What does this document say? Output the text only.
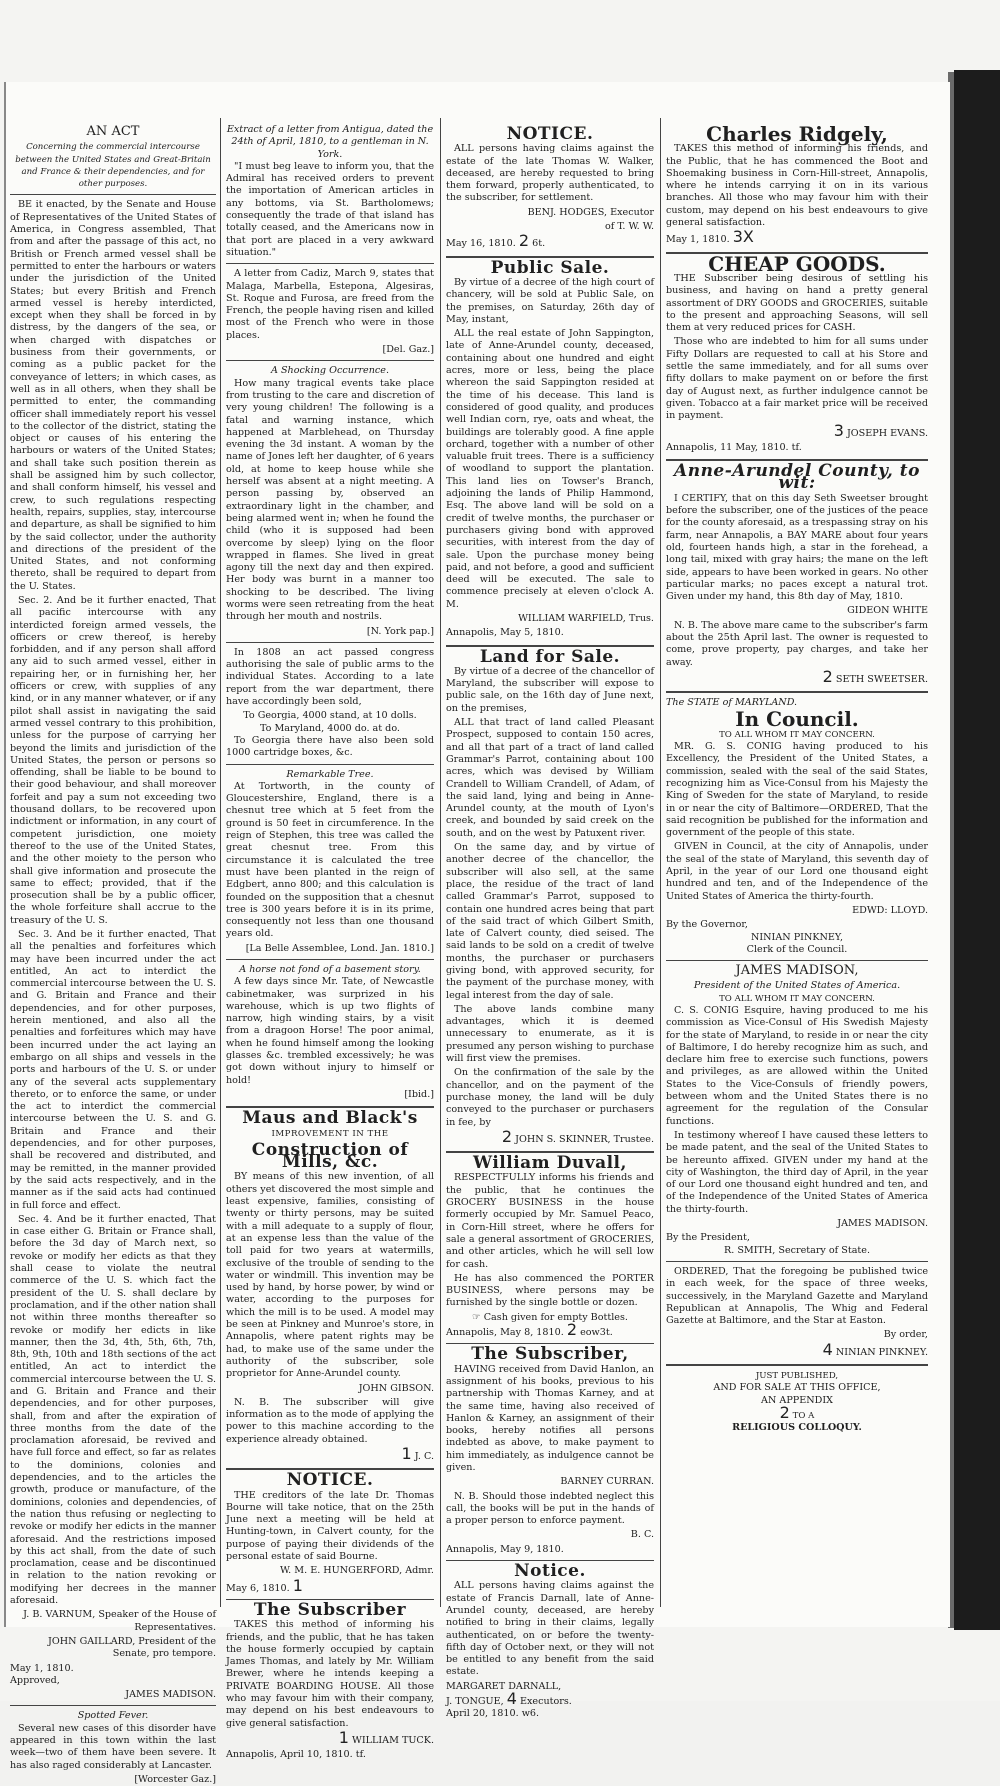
AN ACT
Concerning the commercial intercourse between the United States and Great-Britain and France & their dependencies, and for other purposes.

BE it enacted, by the Senate and House of Representatives of the United States of America, in Congress assembled, That from and after the passage of this act, no British or French armed vessel shall be permitted to enter the harbours or waters under the jurisdiction of the United States; but every British and French armed vessel is hereby interdicted, except when they shall be forced in by distress, by the dangers of the sea, or when charged with dispatches or business from their governments, or coming as a public packet for the conveyance of letters; in which cases, as well as in all others, when they shall be permitted to enter, the commanding officer shall immediately report his vessel to the collector of the district, stating the object or causes of his entering the harbours or waters of the United States; and shall take such position therein as shall be assigned him by such collector, and shall conform himself, his vessel and crew, to such regulations respecting health, repairs, supplies, stay, intercourse and departure, as shall be signified to him by the said collector, under the authority and directions of the president of the United States, and not conforming thereto, shall be required to depart from the U. States.

Sec. 2. And be it further enacted, That all pacific intercourse with any interdicted foreign armed vessels, the officers or crew thereof, is hereby forbidden, and if any person shall afford any aid to such armed vessel, either in repairing her, or in furnishing her, her officers or crew, with supplies of any kind, or in any manner whatever, or if any pilot shall assist in navigating the said armed vessel contrary to this prohibition, unless for the purpose of carrying her beyond the limits and jurisdiction of the United States, the person or persons so offending, shall be liable to be bound to their good behaviour, and shall moreover forfeit and pay a sum not exceeding two thousand dollars, to be recovered upon indictment or information, in any court of competent jurisdiction, one moiety thereof to the use of the United States, and the other moiety to the person who shall give information and prosecute the same to effect; provided, that if the prosecution shall be by a public officer, the whole forfeiture shall accrue to the treasury of the U. S.

Sec. 3. And be it further enacted, That all the penalties and forfeitures which may have been incurred under the act entitled, An act to interdict the commercial intercourse between the U. S. and G. Britain and France and their dependencies, and for other purposes, herein mentioned, and also all the penalties and forfeitures which may have been incurred under the act laying an embargo on all ships and vessels in the ports and harbours of the U. S. or under any of the several acts supplementary thereto, or to enforce the same, or under the act to interdict the commercial intercourse between the U. S. and G. Britain and France and their dependencies, and for other purposes, shall be recovered and distributed, and may be remitted, in the manner provided by the said acts respectively, and in the manner as if the said acts had continued in full force and effect.

Sec. 4. And be it further enacted, That in case either G. Britain or France shall, before the 3d day of March next, so revoke or modify her edicts as that they shall cease to violate the neutral commerce of the U. S. which fact the president of the U. S. shall declare by proclamation, and if the other nation shall not within three months thereafter so revoke or modify her edicts in like manner, then the 3d, 4th, 5th, 6th, 7th, 8th, 9th, 10th and 18th sections of the act entitled, An act to interdict the commercial intercourse between the U. S. and G. Britain and France and their dependencies, and for other purposes, shall, from and after the expiration of three months from the date of the proclamation aforesaid, be revived and have full force and effect, so far as relates to the dominions, colonies and dependencies, and to the articles the growth, produce or manufacture, of the dominions, colonies and dependencies, of the nation thus refusing or neglecting to revoke or modify her edicts in the manner aforesaid. And the restrictions imposed by this act shall, from the date of such proclamation, cease and be discontinued in relation to the nation revoking or modifying her decrees in the manner aforesaid.

J. B. VARNUM, Speaker of the House of Representatives.
JOHN GAILLARD, President of the Senate, pro tempore.
May 1, 1810.
Approved,
JAMES MADISON.
Spotted Fever.

Several new cases of this disorder have appeared in this town within the last week—two of them have been severe. It has also raged considerably at Lancaster.

[Worcester Gaz.]
Extract of a letter from Antigua, dated the 24th of April, 1810, to a gentleman in N. York.

"I must beg leave to inform you, that the Admiral has received orders to prevent the importation of American articles in any bottoms, via St. Bartholomews; consequently the trade of that island has totally ceased, and the Americans now in that port are placed in a very awkward situation."

A letter from Cadiz, March 9, states that Malaga, Marbella, Estepona, Algesiras, St. Roque and Furosa, are freed from the French, the people having risen and killed most of the French who were in those places.

[Del. Gaz.]
A Shocking Occurrence.

How many tragical events take place from trusting to the care and discretion of very young children! The following is a fatal and warning instance, which happened at Marblehead, on Thursday evening the 3d instant. A woman by the name of Jones left her daughter, of 6 years old, at home to keep house while she herself was absent at a night meeting. A person passing by, observed an extraordinary light in the chamber, and being alarmed went in; when he found the child (who it is supposed had been overcome by sleep) lying on the floor wrapped in flames. She lived in great agony till the next day and then expired. Her body was burnt in a manner too shocking to be described. The living worms were seen retreating from the heat through her mouth and nostrils.

[N. York pap.]

In 1808 an act passed congress authorising the sale of public arms to the individual States. According to a late report from the war department, there have accordingly been sold,

To Georgia, 4000 stand, at 10 dolls.
To Maryland, 4000 do. at do.

To Georgia there have also been sold 1000 cartridge boxes, &c.

Remarkable Tree.

At Tortworth, in the county of Gloucestershire, England, there is a chesnut tree which at 5 feet from the ground is 50 feet in circumference. In the reign of Stephen, this tree was called the great chesnut tree. From this circumstance it is calculated the tree must have been planted in the reign of Edgbert, anno 800; and this calculation is founded on the supposition that a chesnut tree is 300 years before it is in its prime, consequently not less than one thousand years old.

[La Belle Assemblee, Lond. Jan. 1810.]
A horse not fond of a basement story.

A few days since Mr. Tate, of Newcastle cabinetmaker, was surprized in his warehouse, which is up two flights of narrow, high winding stairs, by a visit from a dragoon Horse! The poor animal, when he found himself among the looking glasses &c. trembled excessively; he was got down without injury to himself or hold!

[Ibid.]
Maus and Black's
IMPROVEMENT IN THE
Construction of Mills, &c.

BY means of this new invention, of all others yet discovered the most simple and least expensive, families, consisting of twenty or thirty persons, may be suited with a mill adequate to a supply of flour, at an expense less than the value of the toll paid for two years at watermills, exclusive of the trouble of sending to the water or windmill. This invention may be used by hand, by horse power, by wind or water, according to the purposes for which the mill is to be used. A model may be seen at Pinkney and Munroe's store, in Annapolis, where patent rights may be had, to make use of the same under the authority of the subscriber, sole proprietor for Anne-Arundel county.

JOHN GIBSON.

N. B. The subscriber will give information as to the mode of applying the power to this machine according to the experience already obtained.

1 J. C.
NOTICE.

THE creditors of the late Dr. Thomas Bourne will take notice, that on the 25th June next a meeting will be held at Hunting-town, in Calvert county, for the purpose of paying their dividends of the personal estate of said Bourne.

W. M. E. HUNGERFORD, Admr.
May 6, 1810. 1
The Subscriber

TAKES this method of informing his friends, and the public, that he has taken the house formerly occupied by captain James Thomas, and lately by Mr. William Brewer, where he intends keeping a PRIVATE BOARDING HOUSE. All those who may favour him with their company, may depend on his best endeavours to give general satisfaction.

1 WILLIAM TUCK.
Annapolis, April 10, 1810. tf.
NOTICE.

ALL persons having claims against the estate of the late Thomas W. Walker, deceased, are hereby requested to bring them forward, properly authenticated, to the subscriber, for settlement.

BENJ. HODGES, Executor
of T. W. W.
May 16, 1810. 2 6t.
Public Sale.

By virtue of a decree of the high court of chancery, will be sold at Public Sale, on the premises, on Saturday, 26th day of May, instant,

ALL the real estate of John Sappington, late of Anne-Arundel county, deceased, containing about one hundred and eight acres, more or less, being the place whereon the said Sappington resided at the time of his decease. This land is considered of good quality, and produces well Indian corn, rye, oats and wheat, the buildings are tolerably good. A fine apple orchard, together with a number of other valuable fruit trees. There is a sufficiency of woodland to support the plantation. This land lies on Towser's Branch, adjoining the lands of Philip Hammond, Esq. The above land will be sold on a credit of twelve months, the purchaser or purchasers giving bond with approved securities, with interest from the day of sale. Upon the purchase money being paid, and not before, a good and sufficient deed will be executed. The sale to commence precisely at eleven o'clock A. M.

WILLIAM WARFIELD, Trus.
Annapolis, May 5, 1810.
Land for Sale.

By virtue of a decree of the chancellor of Maryland, the subscriber will expose to public sale, on the 16th day of June next, on the premises,

ALL that tract of land called Pleasant Prospect, supposed to contain 150 acres, and all that part of a tract of land called Grammar's Parrot, containing about 100 acres, which was devised by William Crandell to William Crandell, of Adam, of the said land, lying and being in Anne-Arundel county, at the mouth of Lyon's creek, and bounded by said creek on the south, and on the west by Patuxent river.

On the same day, and by virtue of another decree of the chancellor, the subscriber will also sell, at the same place, the residue of the tract of land called Grammar's Parrot, supposed to contain one hundred acres being that part of the said tract of which Gilbert Smith, late of Calvert county, died seised. The said lands to be sold on a credit of twelve months, the purchaser or purchasers giving bond, with approved security, for the payment of the purchase money, with legal interest from the day of sale.

The above lands combine many advantages, which it is deemed unnecessary to enumerate, as it is presumed any person wishing to purchase will first view the premises.

On the confirmation of the sale by the chancellor, and on the payment of the purchase money, the land will be duly conveyed to the purchaser or purchasers in fee, by

2 JOHN S. SKINNER, Trustee.
William Duvall,

RESPECTFULLY informs his friends and the public, that he continues the GROCERY BUSINESS in the house formerly occupied by Mr. Samuel Peaco, in Corn-Hill street, where he offers for sale a general assortment of GROCERIES, and other articles, which he will sell low for cash.

He has also commenced the PORTER BUSINESS, where persons may be furnished by the single bottle or dozen.

☞ Cash given for empty Bottles.
Annapolis, May 8, 1810. 2 eow3t.
The Subscriber,

HAVING received from David Hanlon, an assignment of his books, previous to his partnership with Thomas Karney, and at the same time, having also received of Hanlon & Karney, an assignment of their books, hereby notifies all persons indebted as above, to make payment to him immediately, as indulgence cannot be given.

BARNEY CURRAN.

N. B. Should those indebted neglect this call, the books will be put in the hands of a proper person to enforce payment.

B. C.
Annapolis, May 9, 1810.
Notice.

ALL persons having claims against the estate of Francis Darnall, late of Anne-Arundel county, deceased, are hereby notified to bring in their claims, legally authenticated, on or before the twenty-fifth day of October next, or they will not be entitled to any benefit from the said estate.

MARGARET DARNALL,
J. TONGUE, 4 Executors.
April 20, 1810. w6.
Charles Ridgely,

TAKES this method of informing his friends, and the Public, that he has commenced the Boot and Shoemaking business in Corn-Hill-street, Annapolis, where he intends carrying it on in its various branches. All those who may favour him with their custom, may depend on his best endeavours to give general satisfaction.

May 1, 1810. 3X
CHEAP GOODS.

THE Subscriber being desirous of settling his business, and having on hand a pretty general assortment of DRY GOODS and GROCERIES, suitable to the present and approaching Seasons, will sell them at very reduced prices for CASH.

Those who are indebted to him for all sums under Fifty Dollars are requested to call at his Store and settle the same immediately, and for all sums over fifty dollars to make payment on or before the first day of August next, as further indulgence cannot be given. Tobacco at a fair market price will be received in payment.

3 JOSEPH EVANS.
Annapolis, 11 May, 1810. tf.
Anne-Arundel County, to wit:

I CERTIFY, that on this day Seth Sweetser brought before the subscriber, one of the justices of the peace for the county aforesaid, as a trespassing stray on his farm, near Annapolis, a BAY MARE about four years old, fourteen hands high, a star in the forehead, a long tail, mixed with gray hairs; the mane on the left side, appears to have been worked in gears. No other particular marks; no paces except a natural trot. Given under my hand, this 8th day of May, 1810.

GIDEON WHITE

N. B. The above mare came to the subscriber's farm about the 25th April last. The owner is requested to come, prove property, pay charges, and take her away.

2 SETH SWEETSER.
The STATE of MARYLAND.
In Council.
TO ALL WHOM IT MAY CONCERN.

MR. G. S. CONIG having produced to his Excellency, the President of the United States, a commission, sealed with the seal of the said States, recognizing him as Vice-Consul from his Majesty the King of Sweden for the state of Maryland, to reside in or near the city of Baltimore—ORDERED, That the said recognition be published for the information and government of the people of this state.

GIVEN in Council, at the city of Annapolis, under the seal of the state of Maryland, this seventh day of April, in the year of our Lord one thousand eight hundred and ten, and of the Independence of the United States of America the thirty-fourth.

EDWD: LLOYD.
By the Governor,
NINIAN PINKNEY,
Clerk of the Council.
JAMES MADISON,
President of the United States of America.
TO ALL WHOM IT MAY CONCERN.

C. S. CONIG Esquire, having produced to me his commission as Vice-Consul of His Swedish Majesty for the state of Maryland, to reside in or near the city of Baltimore, I do hereby recognize him as such, and declare him free to exercise such functions, powers and privileges, as are allowed within the United States to the Vice-Consuls of friendly powers, between whom and the United States there is no agreement for the regulation of the Consular functions.

In testimony whereof I have caused these letters to be made patent, and the seal of the United States to be hereunto affixed. GIVEN under my hand at the city of Washington, the third day of April, in the year of our Lord one thousand eight hundred and ten, and of the Independence of the United States of America the thirty-fourth.

JAMES MADISON.
By the President,
R. SMITH, Secretary of State.

ORDERED, That the foregoing be published twice in each week, for the space of three weeks, successively, in the Maryland Gazette and Maryland Republican at Annapolis, The Whig and Federal Gazette at Baltimore, and the Star at Easton.

By order,
4 NINIAN PINKNEY.
JUST PUBLISHED,
AND FOR SALE AT THIS OFFICE,
AN APPENDIX
2 TO A
RELIGIOUS COLLOQUY.
